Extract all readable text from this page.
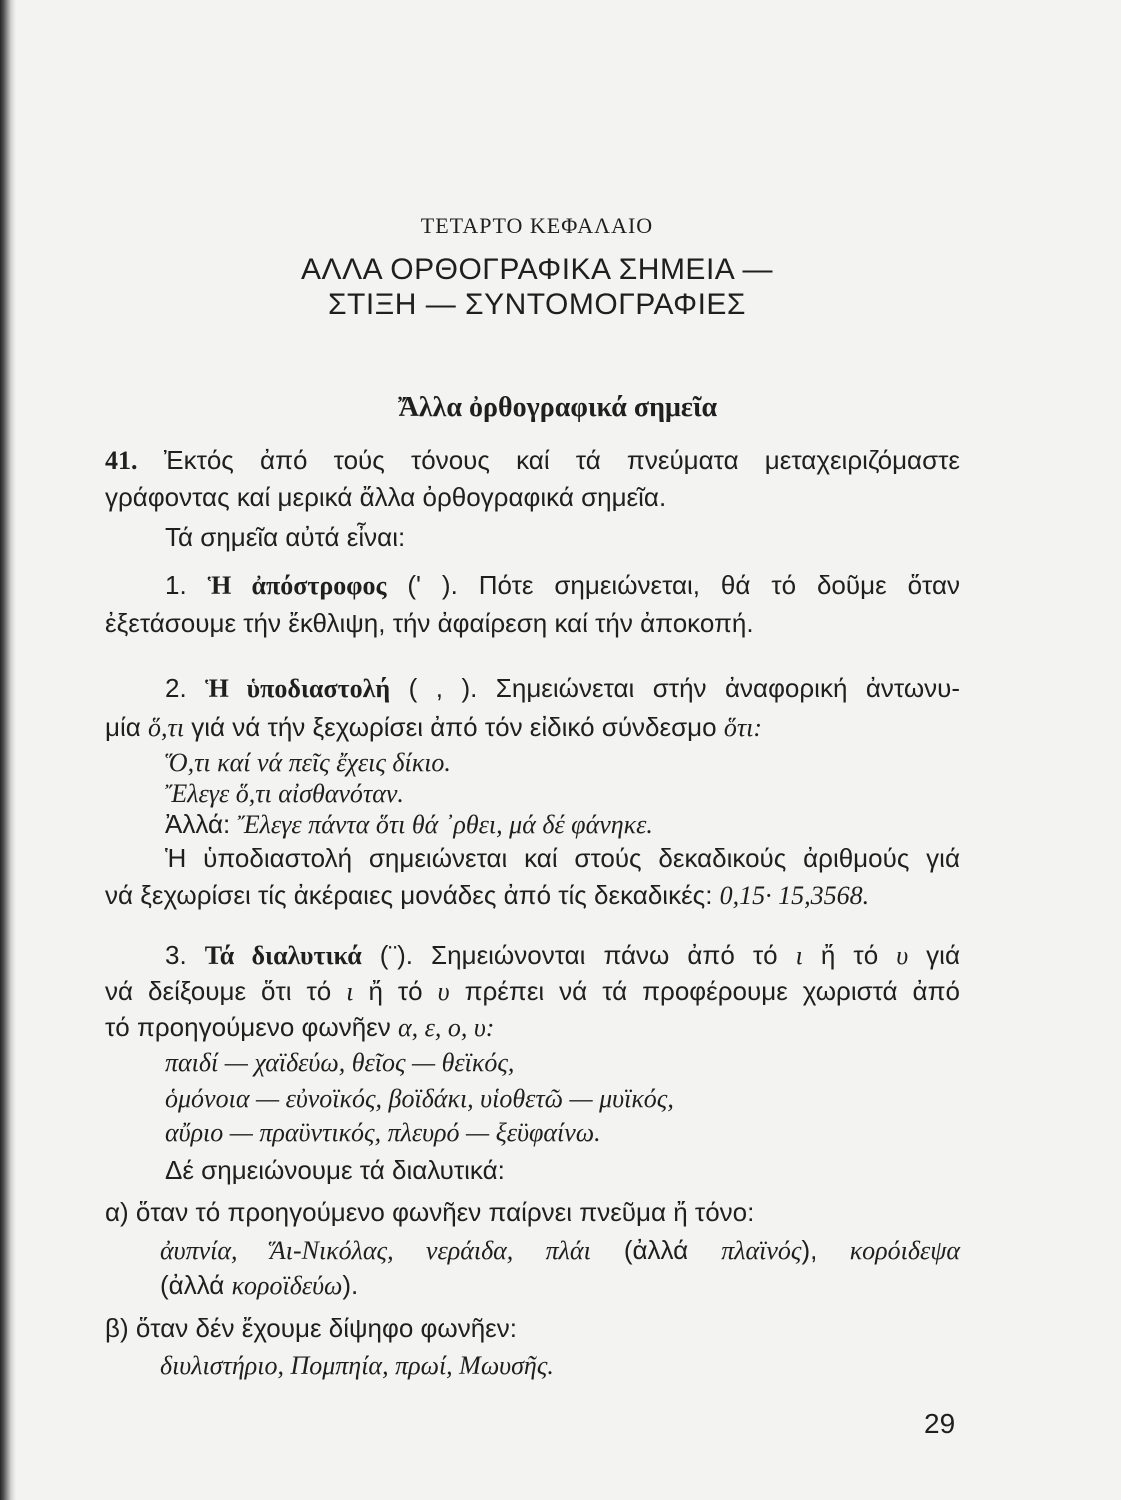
ΤΕΤΑΡΤΟ ΚΕΦΑΛΑΙΟ
ΑΛΛΑ ΟΡΘΟΓΡΑΦΙΚΑ ΣΗΜΕΙΑ —
ΣΤΙΞΗ — ΣΥΝΤΟΜΟΓΡΑΦΙΕΣ
Ἄλλα ὀρθογραφικά σημεῖα
41. Ἐκτός ἀπό τούς τόνους καί τά πνεύματα μεταχειριζόμαστε
γράφοντας καί μερικά ἄλλα ὀρθογραφικά σημεῖα.
Τά σημεῖα αὐτά εἶναι:
1. Ἡ ἀπόστροφος (' ). Πότε σημειώνεται, θά τό δοῦμε ὅταν
ἐξετάσουμε τήν ἔκθλιψη, τήν ἀφαίρεση καί τήν ἀποκοπή.
2. Ἡ ὑποδιαστολή ( , ). Σημειώνεται στήν ἀναφορική ἀντωνυ-
μία ὅ,τι γιά νά τήν ξεχωρίσει ἀπό τόν εἰδικό σύνδεσμο ὅτι:
Ὅ,τι καί νά πεῖς ἔχεις δίκιο.
Ἔλεγε ὅ,τι αἰσθανόταν.
Ἀλλά: Ἔλεγε πάντα ὅτι θά ᾿ρθει, μά δέ φάνηκε.
Ἡ ὑποδιαστολή σημειώνεται καί στούς δεκαδικούς ἀριθμούς γιά
νά ξεχωρίσει τίς ἀκέραιες μονάδες ἀπό τίς δεκαδικές: 0,15· 15,3568.
3. Τά διαλυτικά (¨). Σημειώνονται πάνω ἀπό τό ι ἤ τό υ γιά
νά δείξουμε ὅτι τό ι ἤ τό υ πρέπει νά τά προφέρουμε χωριστά ἀπό
τό προηγούμενο φωνῆεν α, ε, ο, υ:
παιδί — χαϊδεύω, θεῖος — θεϊκός,
ὁμόνοια — εὐνοϊκός, βοϊδάκι, υἱοθετῶ — μυϊκός,
αὔριο — πραϋντικός, πλευρό — ξεϋφαίνω.
Δέ σημειώνουμε τά διαλυτικά:
α) ὅταν τό προηγούμενο φωνῆεν παίρνει πνεῦμα ἤ τόνο:
ἀυπνία, Ἅι-Νικόλας, νεράιδα, πλάι (ἀλλά πλαϊνός), κορόιδεψα
(ἀλλά κοροϊδεύω).
β) ὅταν δέν ἔχουμε δίψηφο φωνῆεν:
διυλιστήριο, Πομπηία, πρωί, Μωυσῆς.
29
